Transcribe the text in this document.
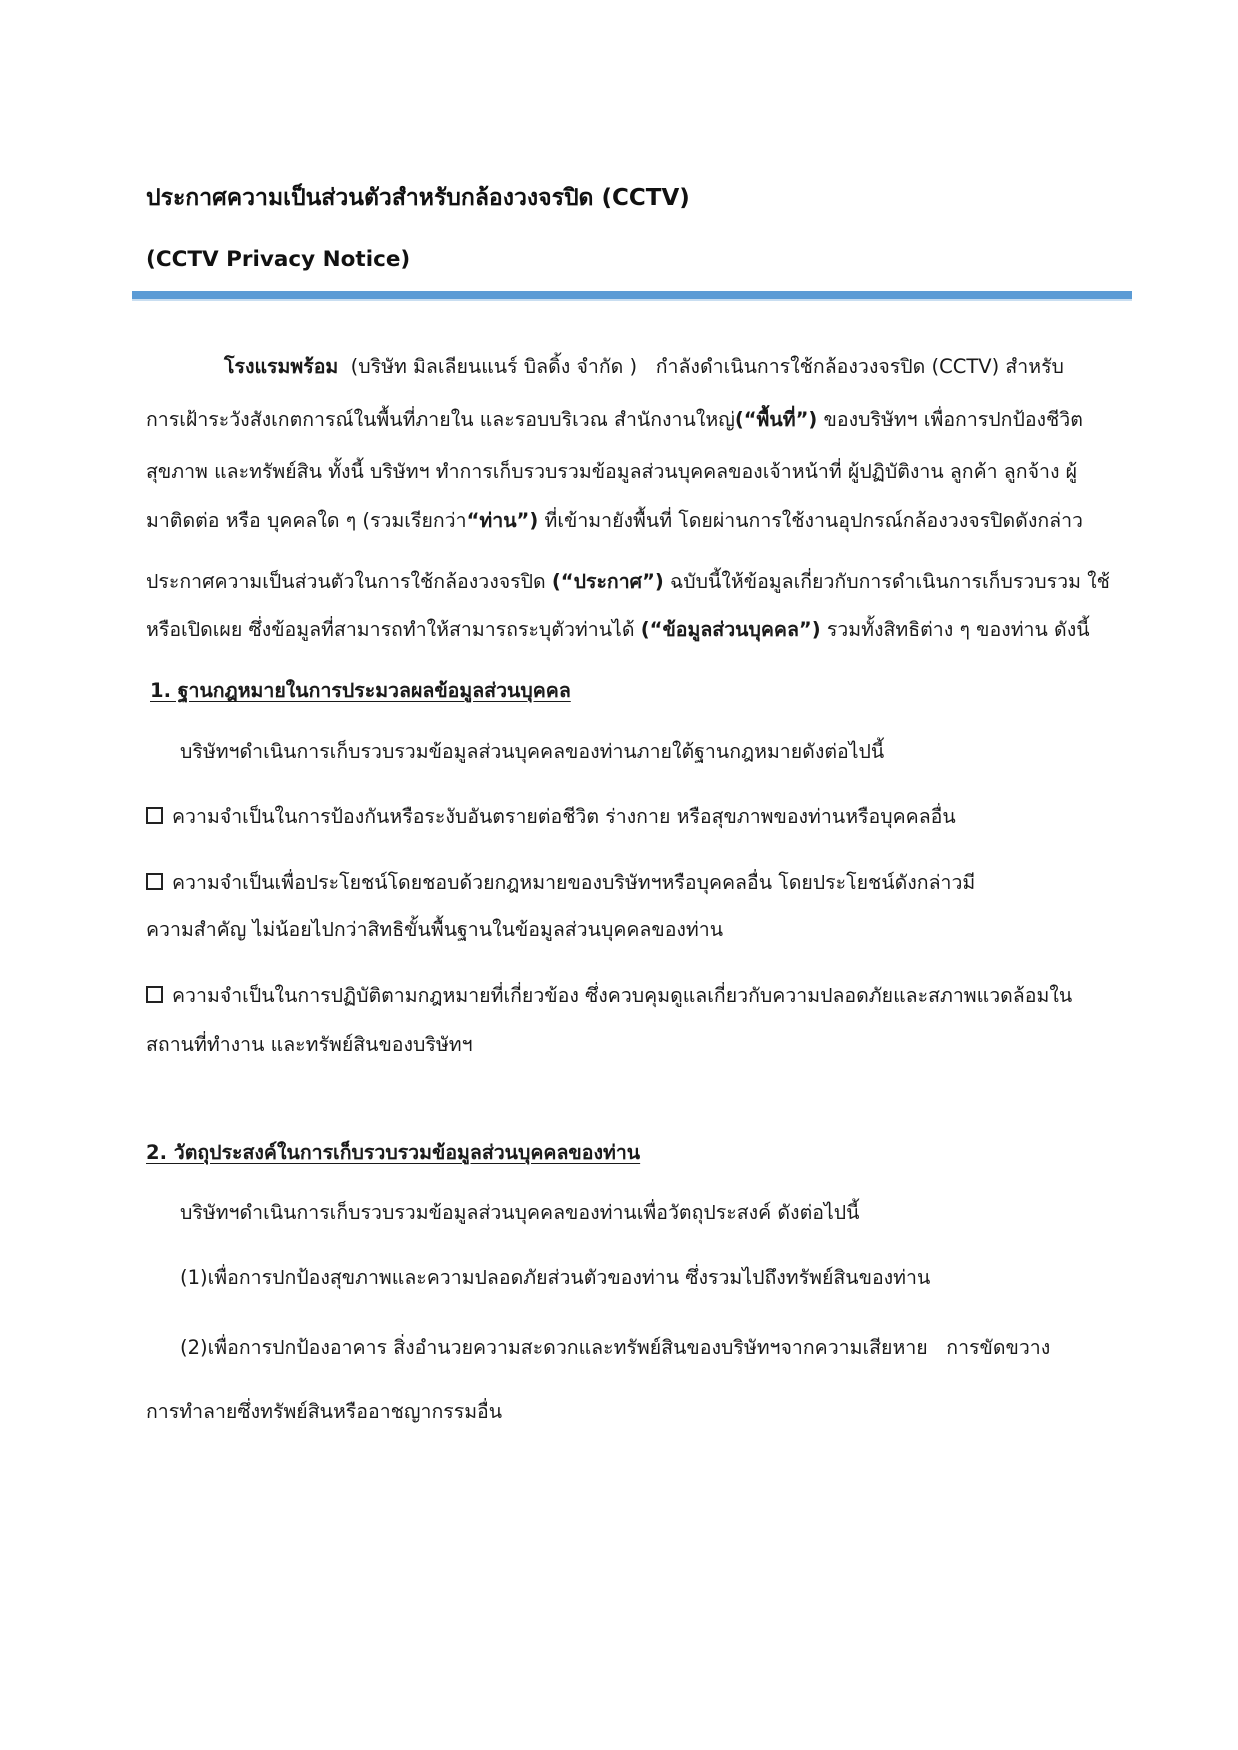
ประกาศความเป็นส่วนตัวสำหรับกล้องวงจรปิด (CCTV)
(CCTV Privacy Notice)
โรงแรมพร้อม  (บริษัท มิลเลียนแนร์ บิลดิ้ง จำกัด )   กำลังดำเนินการใช้กล้องวงจรปิด (CCTV) สำหรับ
การเฝ้าระวังสังเกตการณ์ในพื้นที่ภายใน และรอบบริเวณ สำนักงานใหญ่(“พื้นที่”) ของบริษัทฯ เพื่อการปกป้องชีวิต
สุขภาพ และทรัพย์สิน ทั้งนี้ บริษัทฯ ทำการเก็บรวบรวมข้อมูลส่วนบุคคลของเจ้าหน้าที่ ผู้ปฏิบัติงาน ลูกค้า ลูกจ้าง ผู้
มาติดต่อ หรือ บุคคลใด ๆ (รวมเรียกว่า“ท่าน”) ที่เข้ามายังพื้นที่ โดยผ่านการใช้งานอุปกรณ์กล้องวงจรปิดดังกล่าว
ประกาศความเป็นส่วนตัวในการใช้กล้องวงจรปิด (“ประกาศ”) ฉบับนี้ให้ข้อมูลเกี่ยวกับการดำเนินการเก็บรวบรวม ใช้
หรือเปิดเผย ซึ่งข้อมูลที่สามารถทำให้สามารถระบุตัวท่านได้ (“ข้อมูลส่วนบุคคล”) รวมทั้งสิทธิต่าง ๆ ของท่าน ดังนี้
1. ฐานกฎหมายในการประมวลผลข้อมูลส่วนบุคคล
บริษัทฯดำเนินการเก็บรวบรวมข้อมูลส่วนบุคคลของท่านภายใต้ฐานกฎหมายดังต่อไปนี้
ความจำเป็นในการป้องกันหรือระงับอันตรายต่อชีวิต ร่างกาย หรือสุขภาพของท่านหรือบุคคลอื่น
ความจำเป็นเพื่อประโยชน์โดยชอบด้วยกฎหมายของบริษัทฯหรือบุคคลอื่น โดยประโยชน์ดังกล่าวมี
ความสำคัญ ไม่น้อยไปกว่าสิทธิขั้นพื้นฐานในข้อมูลส่วนบุคคลของท่าน
ความจำเป็นในการปฏิบัติตามกฎหมายที่เกี่ยวข้อง ซึ่งควบคุมดูแลเกี่ยวกับความปลอดภัยและสภาพแวดล้อมใน
สถานที่ทำงาน และทรัพย์สินของบริษัทฯ
2. วัตถุประสงค์ในการเก็บรวบรวมข้อมูลส่วนบุคคลของท่าน
บริษัทฯดำเนินการเก็บรวบรวมข้อมูลส่วนบุคคลของท่านเพื่อวัตถุประสงค์ ดังต่อไปนี้
(1)เพื่อการปกป้องสุขภาพและความปลอดภัยส่วนตัวของท่าน ซึ่งรวมไปถึงทรัพย์สินของท่าน
(2)เพื่อการปกป้องอาคาร สิ่งอำนวยความสะดวกและทรัพย์สินของบริษัทฯจากความเสียหาย   การขัดขวาง
การทำลายซึ่งทรัพย์สินหรืออาชญากรรมอื่น
